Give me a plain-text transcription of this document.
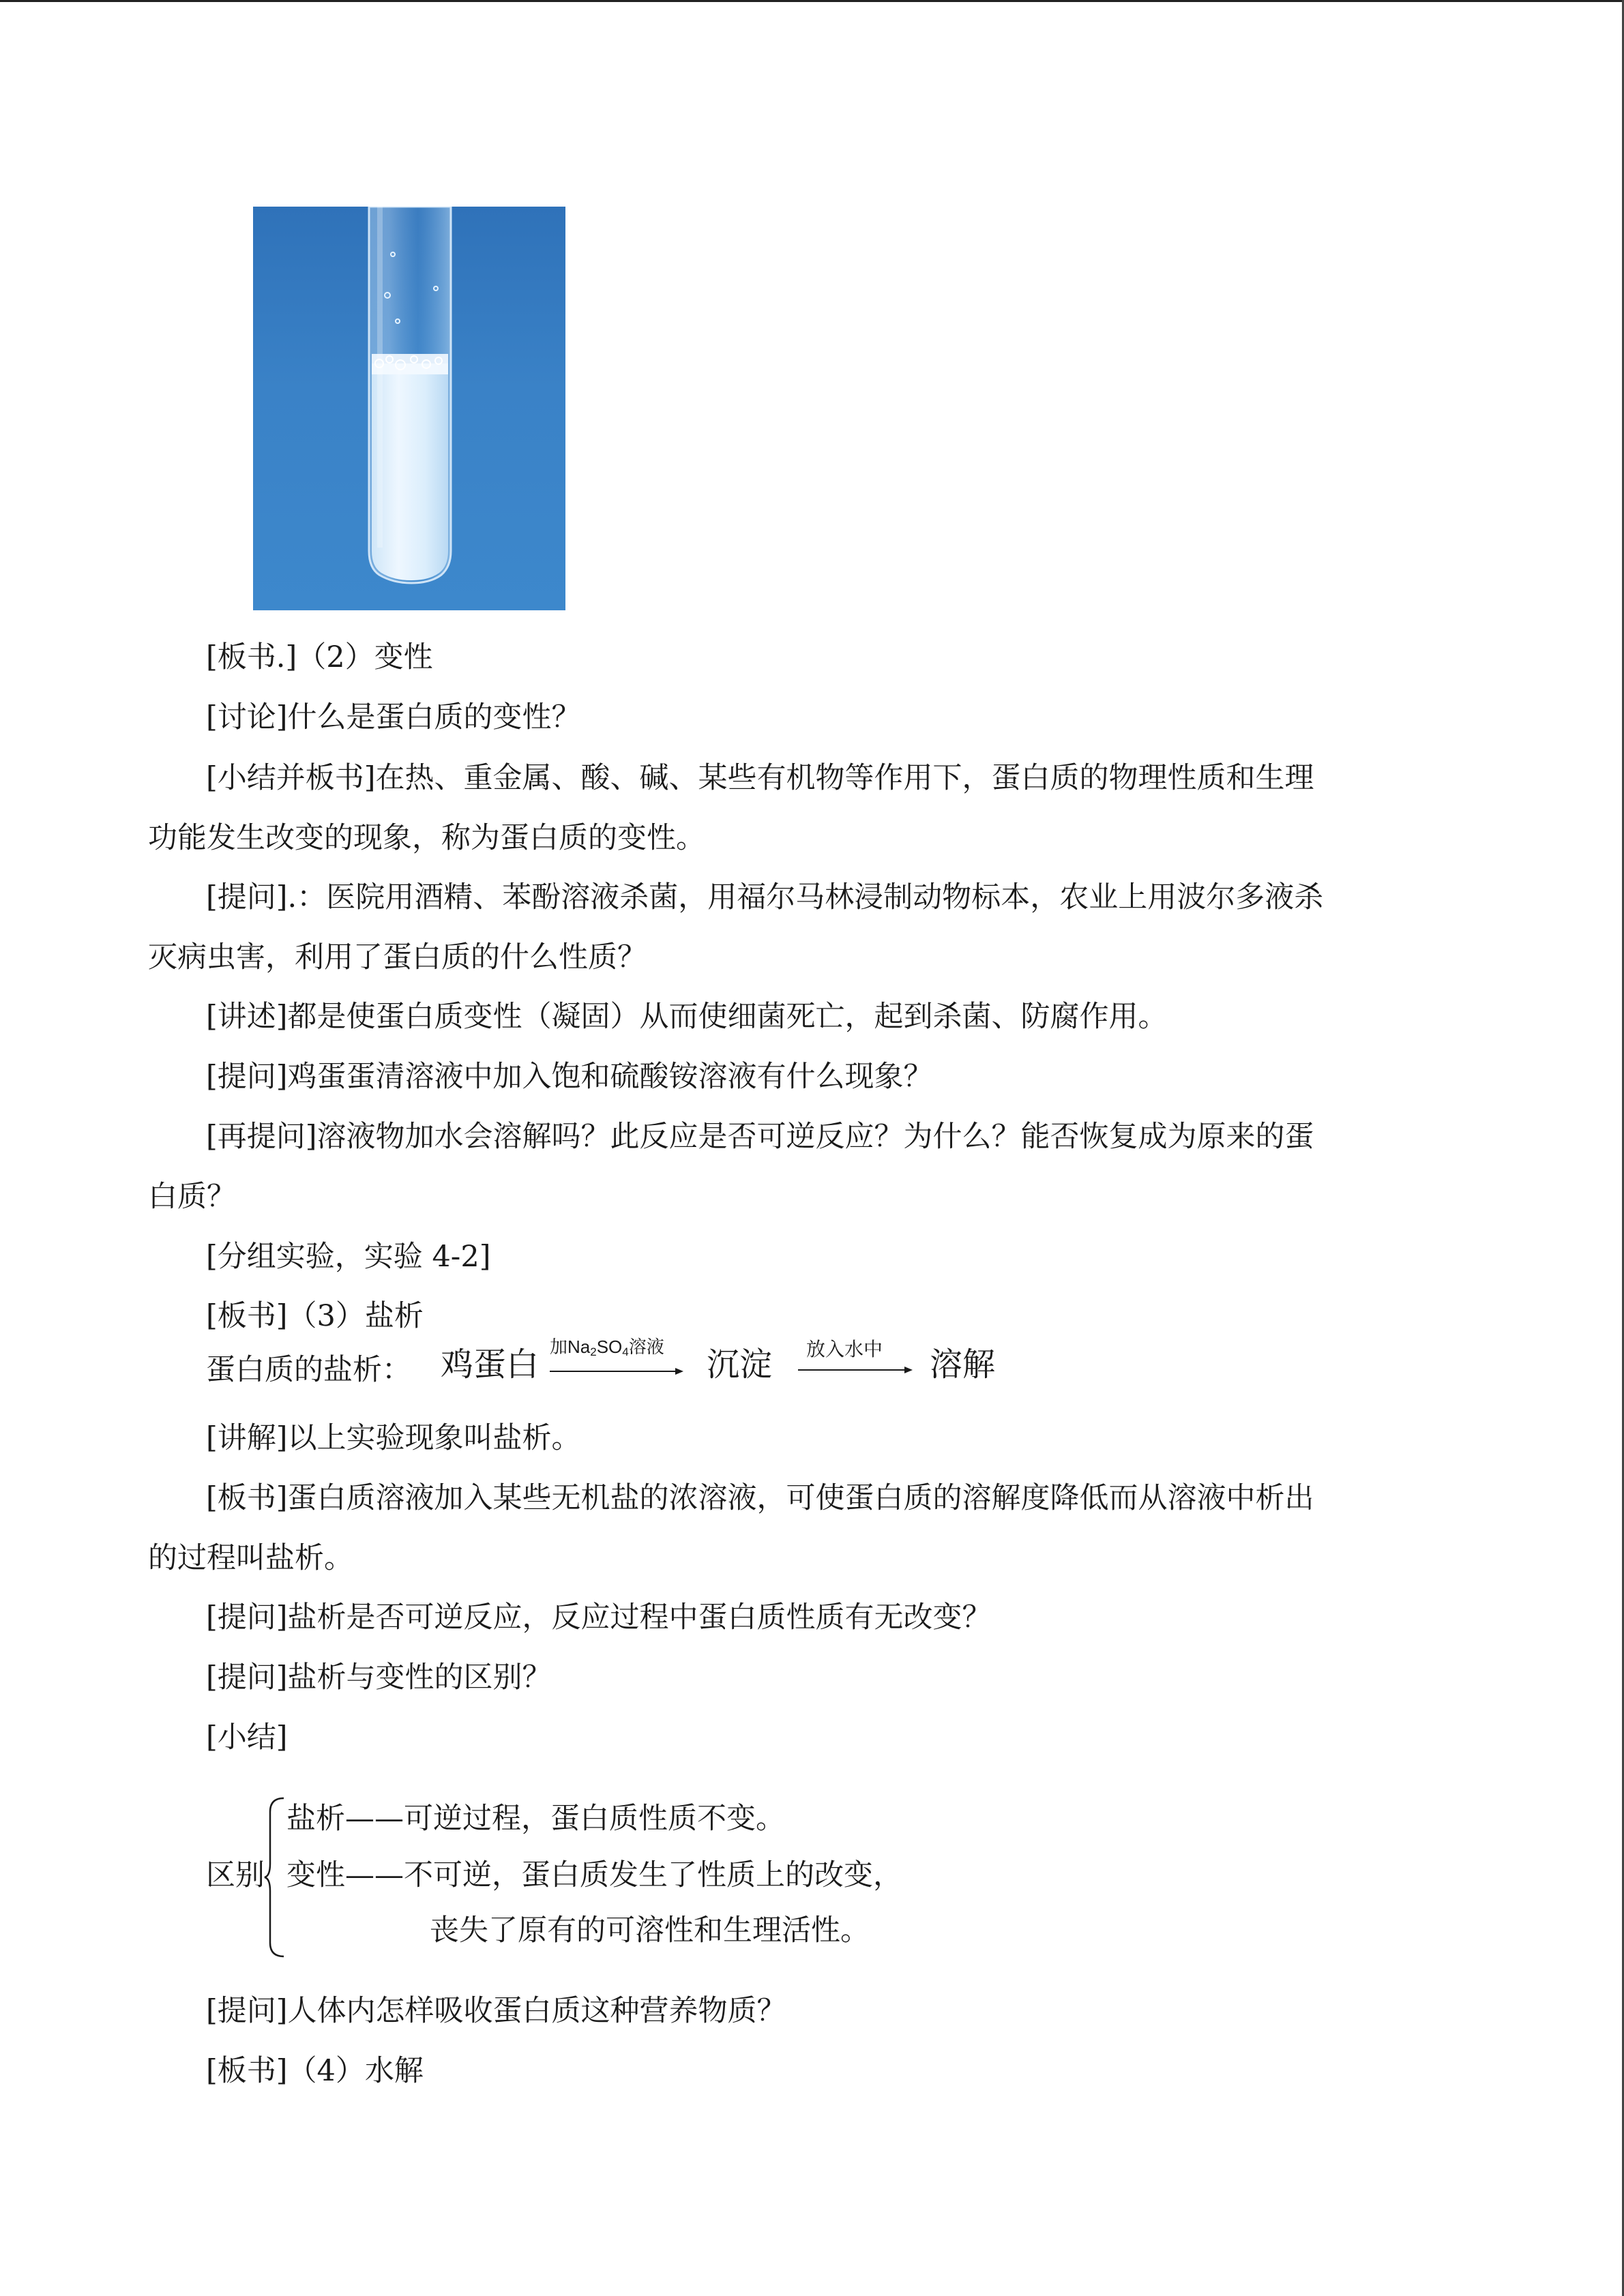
[板书.]（2）变性
[讨论]什么是蛋白质的变性？
[小结并板书]在热、重金属、酸、碱、某些有机物等作用下，蛋白质的物理性质和生理
功能发生改变的现象，称为蛋白质的变性。
[提问].：医院用酒精、苯酚溶液杀菌，用福尔马林浸制动物标本，农业上用波尔多液杀
灭病虫害，利用了蛋白质的什么性质？
[讲述]都是使蛋白质变性（凝固）从而使细菌死亡，起到杀菌、防腐作用。
[提问]鸡蛋蛋清溶液中加入饱和硫酸铵溶液有什么现象？
[再提问]溶液物加水会溶解吗？此反应是否可逆反应？为什么？能否恢复成为原来的蛋
白质？
[分组实验，实验 4-2]
[板书]（3）盐析
蛋白质的盐析： 鸡蛋白 加$Na_2SO_4$溶液 沉淀 放入水中 溶解
[讲解]以上实验现象叫盐析。
[板书]蛋白质溶液加入某些无机盐的浓溶液，可使蛋白质的溶解度降低而从溶液中析出
的过程叫盐析。
[提问]盐析是否可逆反应，反应过程中蛋白质性质有无改变？
[提问]盐析与变性的区别？
[小结]
区别
盐析——可逆过程，蛋白质性质不变。
变性——不可逆，蛋白质发生了性质上的改变，
丧失了原有的可溶性和生理活性。
[提问]人体内怎样吸收蛋白质这种营养物质？
[板书]（4）水解
